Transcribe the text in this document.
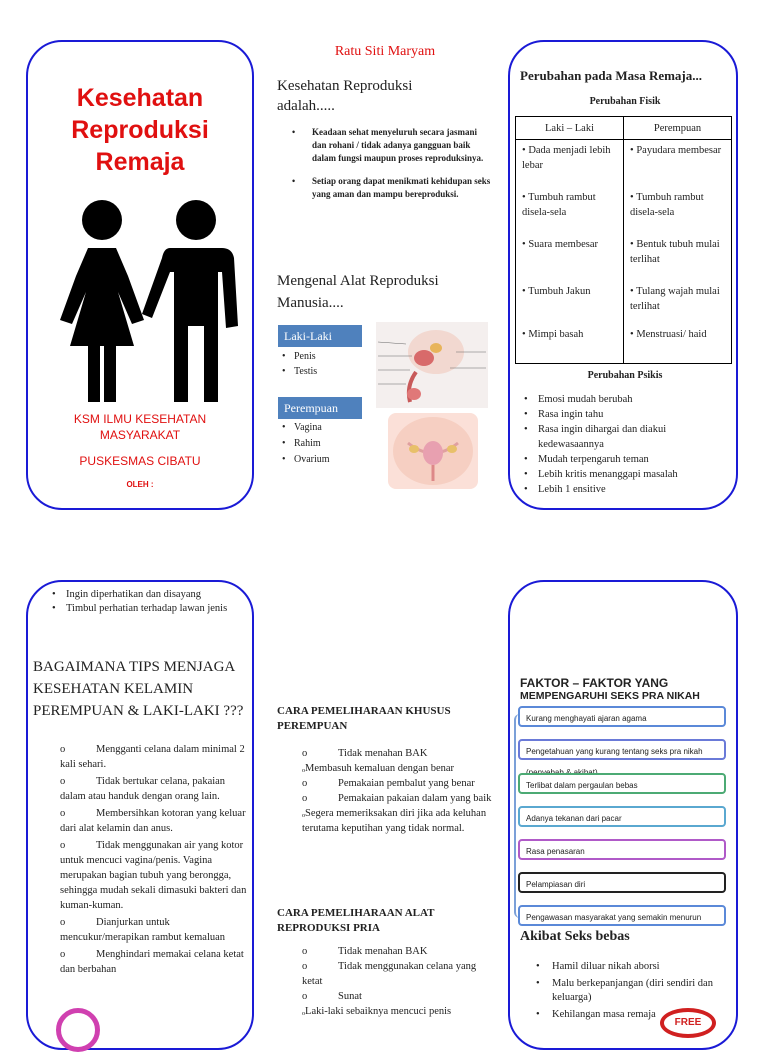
Kesehatan
Reproduksi
Remaja
KSM ILMU KESEHATAN
MASYARAKAT
PUSKESMAS CIBATU
OLEH :
Ratu Siti Maryam
Kesehatan Reproduksi adalah.....
• Keadaan sehat menyeluruh secara jasmani dan rohani / tidak adanya gangguan baik dalam fungsi maupun proses reproduksinya.
• Setiap orang dapat menikmati kehidupan seks yang aman dan mampu bereproduksi.
Mengenal Alat Reproduksi Manusia....
Laki-Laki
• Penis
• Testis
Perempuan
• Vagina
• Rahim
• Ovarium
Perubahan pada Masa Remaja...
Perubahan Fisik
Laki – Laki	Perempuan
• Dada menjadi lebih lebar	• Payudara membesar
• Tumbuh rambut disela-sela	• Tumbuh rambut disela-sela
• Suara membesar	• Bentuk tubuh mulai terlihat
• Tumbuh Jakun	• Tulang wajah mulai terlihat
• Mimpi basah	• Menstruasi/ haid
Perubahan Psikis
• Emosi mudah berubah
• Rasa ingin tahu
• Rasa ingin dihargai dan diakui kedewasaannya
• Mudah terpengaruh teman
• Lebih kritis menanggapi masalah
• Lebih 1 ensitive
• Ingin diperhatikan dan disayang
• Timbul perhatian terhadap lawan jenis
BAGAIMANA TIPS MENJAGA KESEHATAN KELAMIN PEREMPUAN & LAKI-LAKI ???
oMengganti celana dalam minimal 2 kali sehari.
oTidak bertukar celana, pakaian dalam atau handuk dengan orang lain.
oMembersihkan kotoran yang keluar dari alat kelamin dan anus.
oTidak menggunakan air yang kotor untuk mencuci vagina/penis. Vagina merupakan bagian tubuh yang berongga, sehingga mudah sekali dimasuki bakteri dan kuman-kuman.
oDianjurkan untuk mencukur/merapikan rambut kemaluan
oMenghindari memakai celana ketat dan berbahan
CARA PEMELIHARAAN KHUSUS PEREMPUAN
oTidak menahan BAK
ₒMembasuh kemaluan dengan benar
oPemakaian pembalut yang benar
oPemakaian pakaian dalam yang baik
ₒSegera memeriksakan diri jika ada keluhan terutama keputihan yang tidak normal.
CARA PEMELIHARAAN ALAT REPRODUKSI PRIA
oTidak menahan BAK
oTidak menggunakan celana yang ketat
oSunat
ₒLaki-laki sebaiknya mencuci penis
FAKTOR – FAKTOR YANG
MEMPENGARUHI SEKS PRA NIKAH
Kurang menghayati ajaran agama
Pengetahuan yang kurang tentang seks pra nikah
Terlibat dalam pergaulan bebas
Adanya tekanan dari pacar
Rasa penasaran
Pelampiasan diri
Pengawasan masyarakat yang semakin menurun
Akibat Seks bebas
• Hamil diluar nikah aborsi
• Malu berkepanjangan (diri sendiri dan keluarga)
• Kehilangan masa remaja
FREE
